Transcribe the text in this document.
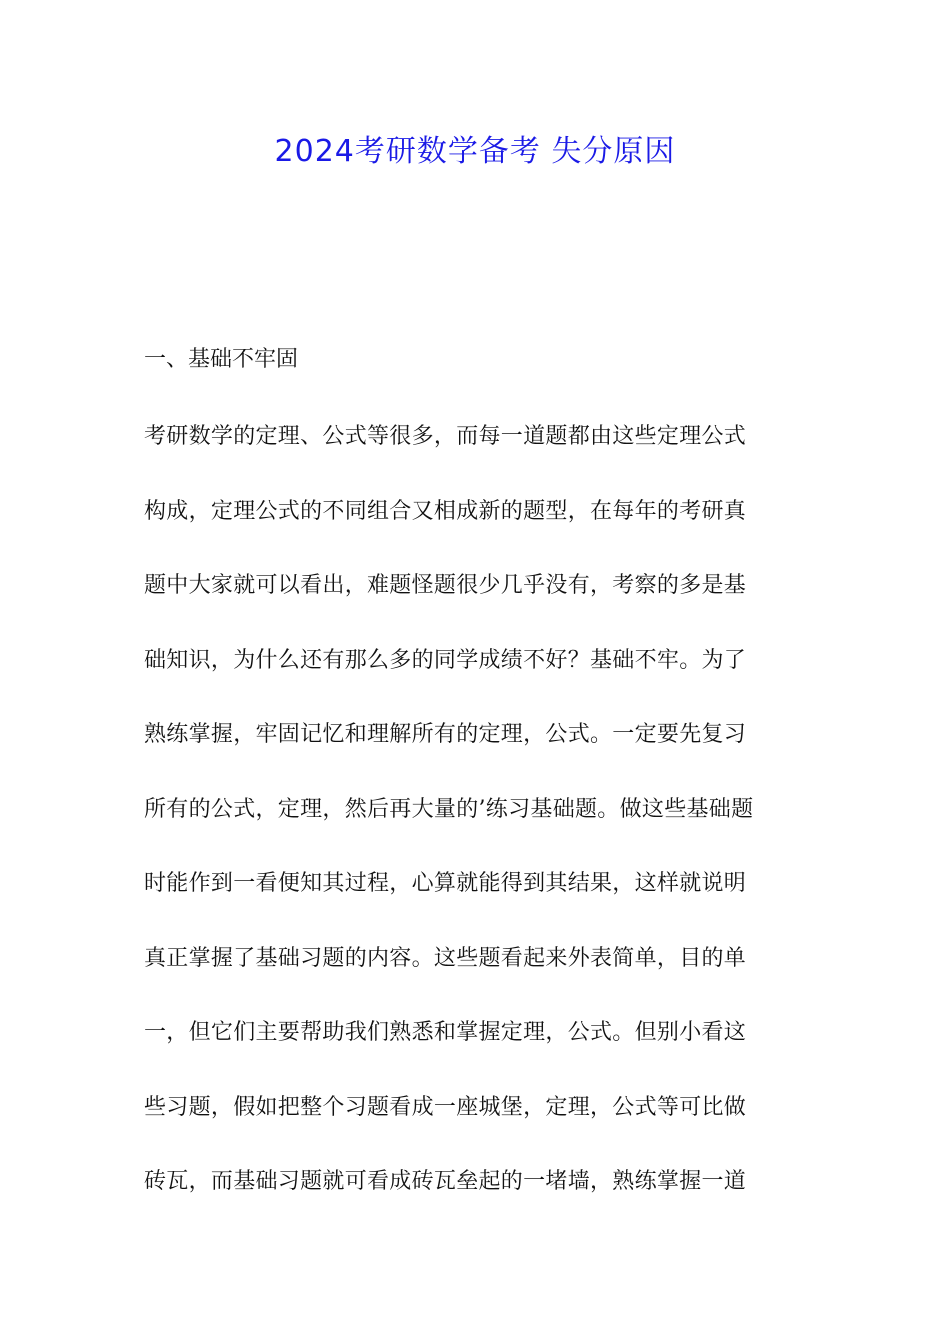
2024考研数学备考 失分原因
一、基础不牢固
考研数学的定理、公式等很多，而每一道题都由这些定理公式
构成，定理公式的不同组合又相成新的题型，在每年的考研真
题中大家就可以看出，难题怪题很少几乎没有，考察的多是基
础知识，为什么还有那么多的同学成绩不好？基础不牢。为了
熟练掌握，牢固记忆和理解所有的定理，公式。一定要先复习
所有的公式，定理，然后再大量的’练习基础题。做这些基础题
时能作到一看便知其过程，心算就能得到其结果，这样就说明
真正掌握了基础习题的内容。这些题看起来外表简单，目的单
一，但它们主要帮助我们熟悉和掌握定理，公式。但别小看这
些习题，假如把整个习题看成一座城堡，定理，公式等可比做
砖瓦，而基础习题就可看成砖瓦垒起的一堵墙，熟练掌握一道
